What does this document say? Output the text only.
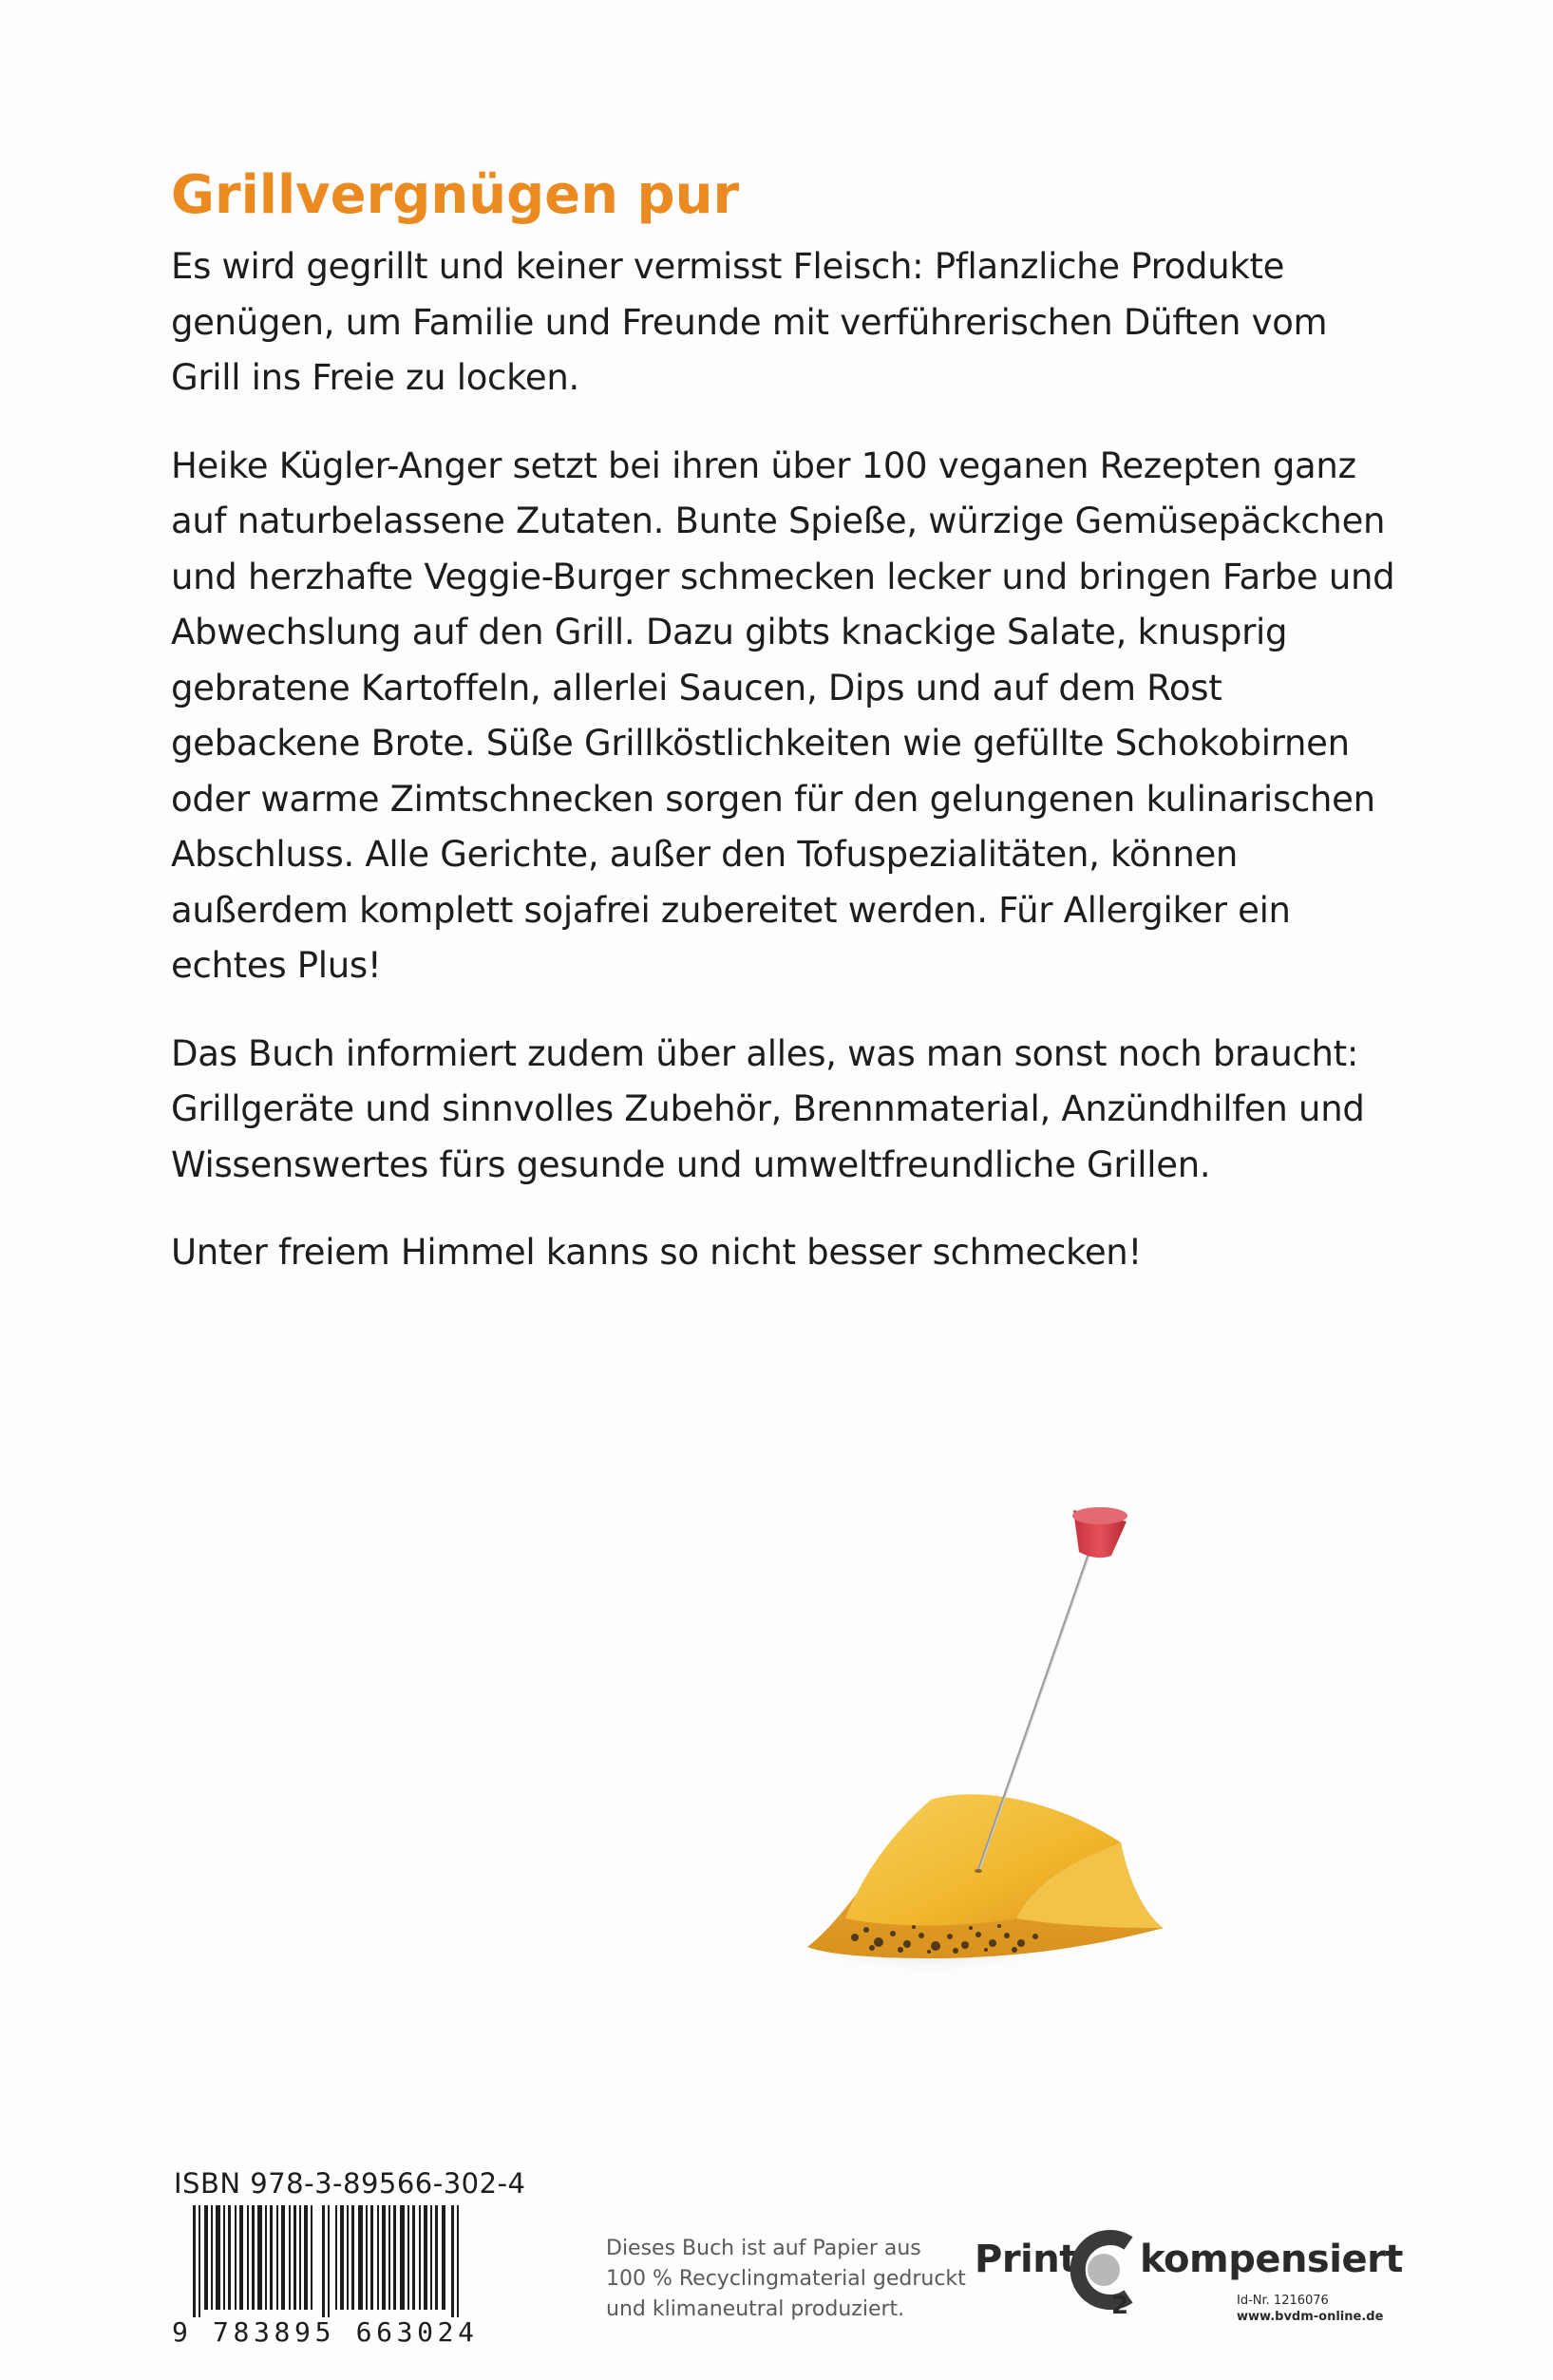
Grillvergnügen pur

Es wird gegrillt und keiner vermisst Fleisch: Pflanzliche Produkte genügen, um Familie und Freunde mit verführerischen Düften vom Grill ins Freie zu locken.

Heike Kügler-Anger setzt bei ihren über 100 veganen Rezepten ganz auf naturbelassene Zutaten. Bunte Spieße, würzige Gemüsepäckchen und herzhafte Veggie-Burger schmecken lecker und bringen Farbe und Abwechslung auf den Grill. Dazu gibts knackige Salate, knusprig gebratene Kartoffeln, allerlei Saucen, Dips und auf dem Rost gebackene Brote. Süße Grillköstlichkeiten wie gefüllte Schokobirnen oder warme Zimtschnecken sorgen für den gelungenen kulinarischen Abschluss. Alle Gerichte, außer den Tofuspezialitäten, können außerdem komplett sojafrei zubereitet werden. Für Allergiker ein echtes Plus!

Das Buch informiert zudem über alles, was man sonst noch braucht: Grillgeräte und sinnvolles Zubehör, Brennmaterial, Anzündhilfen und Wissenswertes fürs gesunde und umweltfreundliche Grillen.

Unter freiem Himmel kanns so nicht besser schmecken!

ISBN 978-3-89566-302-4
9 783895 663024
Dieses Buch ist auf Papier aus
100 % Recyclingmaterial gedruckt
und klimaneutral produziert.
Print
2
kompensiert
Id-Nr. 1216076
www.bvdm-online.de
